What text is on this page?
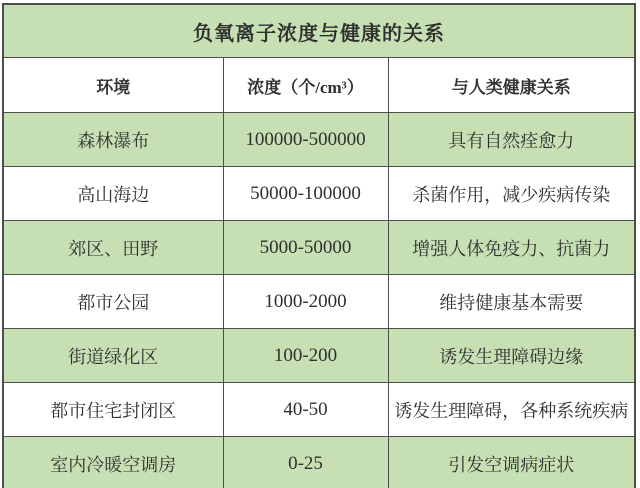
负氧离子浓度与健康的关系		
环境	浓度（个/cm³）	与人类健康关系
森林瀑布	100000-500000	具有自然痊愈力
高山海边	50000-100000	杀菌作用，减少疾病传染
郊区、田野	5000-50000	增强人体免疫力、抗菌力
都市公园	1000-2000	维持健康基本需要
街道绿化区	100-200	诱发生理障碍边缘
都市住宅封闭区	40-50	诱发生理障碍，各种系统疾病
室内冷暖空调房	0-25	引发空调病症状
